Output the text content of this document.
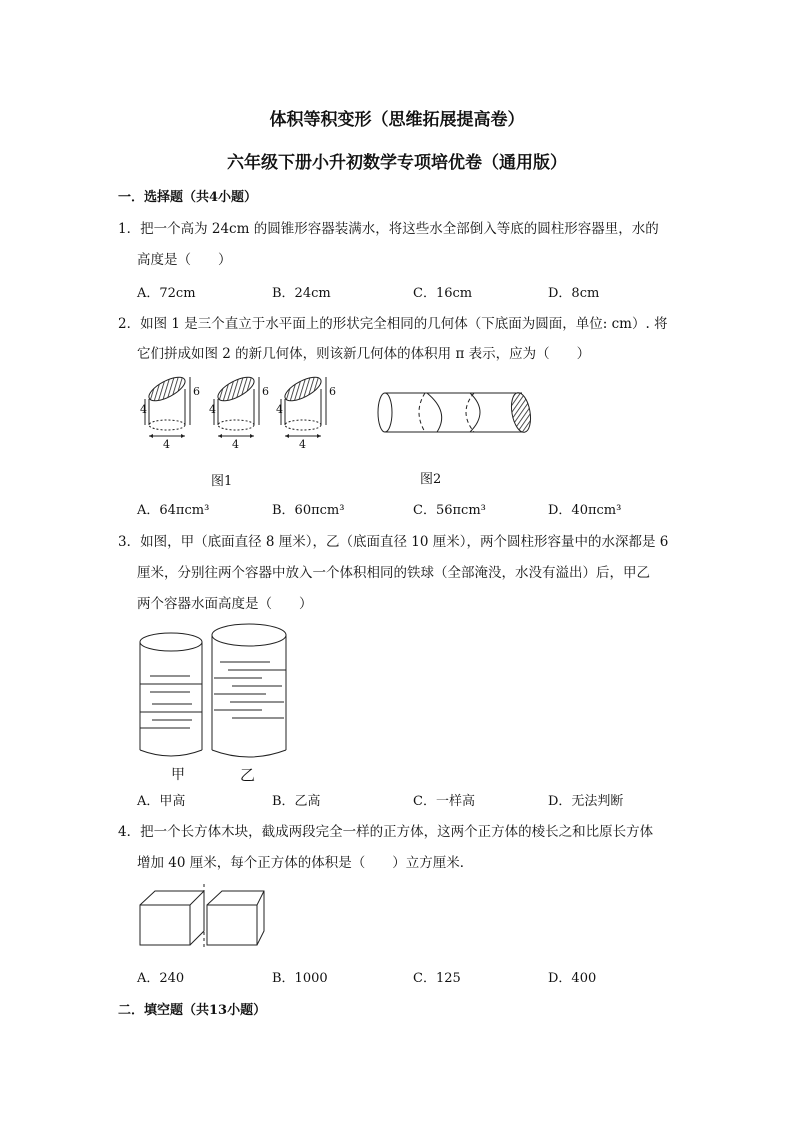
体积等积变形（思维拓展提高卷）
六年级下册小升初数学专项培优卷（通用版）
一．选择题（共4小题）
1．把一个高为 24cm 的圆锥形容器装满水，将这些水全部倒入等底的圆柱形容器里，水的
高度是（　　）
A．72cm	B．24cm	C．16cm	D．8cm
2．如图 1 是三个直立于水平面上的形状完全相同的几何体（下底面为圆面，单位: cm）. 将
它们拼成如图 2 的新几何体，则该新几何体的体积用 π 表示，应为（　　）
4
6
4
4
6
4
4
6
4
图1	图2
A．64πcm³	B．60πcm³	C．56πcm³	D．40πcm³
3．如图，甲（底面直径 8 厘米），乙（底面直径 10 厘米），两个圆柱形容量中的水深都是 6
厘米，分别往两个容器中放入一个体积相同的铁球（全部淹没，水没有溢出）后，甲乙
两个容器水面高度是（　　）
甲	乙
A．甲高	B．乙高	C．一样高	D．无法判断
4．把一个长方体木块，截成两段完全一样的正方体，这两个正方体的棱长之和比原长方体
增加 40 厘米，每个正方体的体积是（　　）立方厘米．
A．240	B．1000	C．125	D．400
二．填空题（共13小题）
